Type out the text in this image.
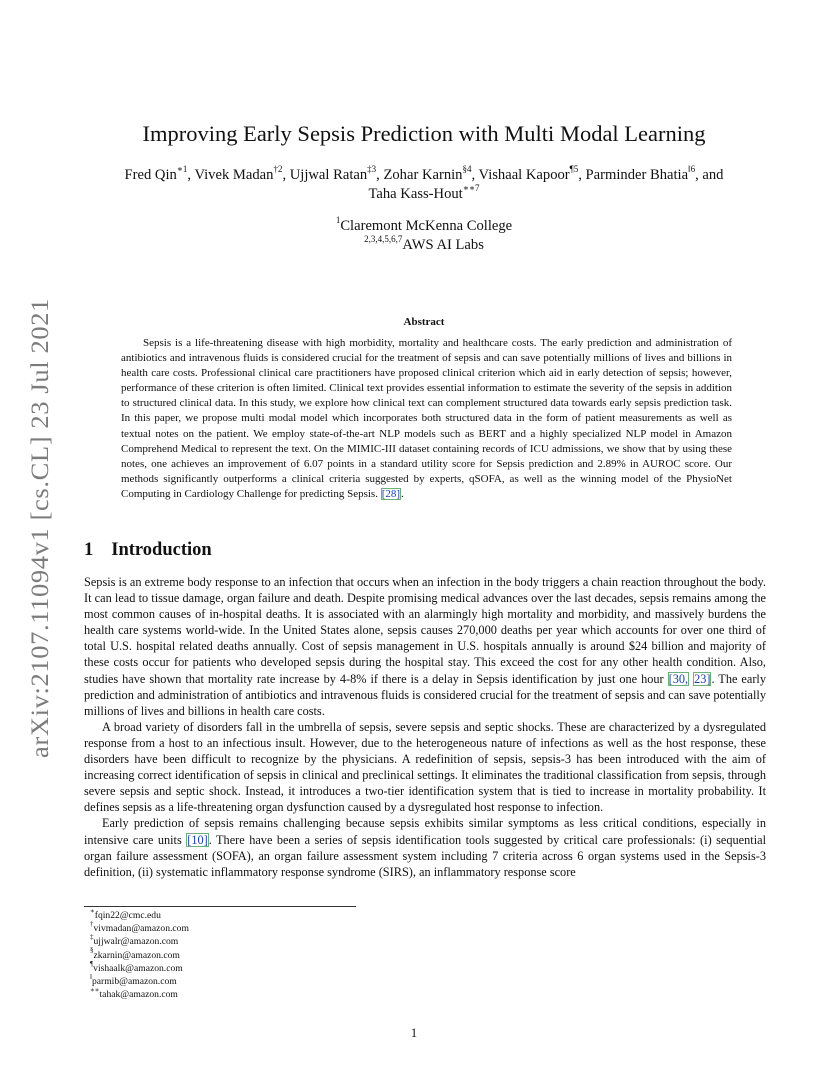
arXiv:2107.11094v1 [cs.CL] 23 Jul 2021
Improving Early Sepsis Prediction with Multi Modal Learning
Fred Qin$^{∗1}$, Vivek Madan$^{\dagger 2}$, Ujjwal Ratan$^{\ddagger 3}$, Zohar Karnin$^{\S 4}$, Vishaal Kapoor$^{\P 5}$, Parminder Bhatia$^{‖6}$, and
Taha Kass-Hout$^{∗∗7}$
$^1$Claremont McKenna College
$^{2,3,4,5,6,7}$AWS AI Labs
Abstract

Sepsis is a life-threatening disease with high morbidity, mortality and healthcare costs. The early prediction and administration of antibiotics and intravenous fluids is considered crucial for the treatment of sepsis and can save potentially millions of lives and billions in health care costs. Professional clinical care practitioners have proposed clinical criterion which aid in early detection of sepsis; however, performance of these criterion is often limited. Clinical text provides essential information to estimate the severity of the sepsis in addition to structured clinical data. In this study, we explore how clinical text can complement structured data towards early sepsis prediction task. In this paper, we propose multi modal model which incorporates both structured data in the form of patient measurements as well as textual notes on the patient. We employ state-of-the-art NLP models such as BERT and a highly specialized NLP model in Amazon Comprehend Medical to represent the text. On the MIMIC-III dataset containing records of ICU admissions, we show that by using these notes, one achieves an improvement of 6.07 points in a standard utility score for Sepsis prediction and 2.89% in AUROC score. Our methods significantly outperforms a clinical criteria suggested by experts, qSOFA, as well as the winning model of the PhysioNet Computing in Cardiology Challenge for predicting Sepsis. [28].

1 Introduction

Sepsis is an extreme body response to an infection that occurs when an infection in the body triggers a chain reaction throughout the body. It can lead to tissue damage, organ failure and death. Despite promising medical advances over the last decades, sepsis remains among the most common causes of in-hospital deaths. It is associated with an alarmingly high mortality and morbidity, and massively burdens the health care systems world-wide. In the United States alone, sepsis causes 270,000 deaths per year which accounts for over one third of total U.S. hospital related deaths annually. Cost of sepsis management in U.S. hospitals annually is around $24 billion and majority of these costs occur for patients who developed sepsis during the hospital stay. This exceed the cost for any other health condition. Also, studies have shown that mortality rate increase by 4-8% if there is a delay in Sepsis identification by just one hour [30, 23]. The early prediction and administration of antibiotics and intravenous fluids is considered crucial for the treatment of sepsis and can save potentially millions of lives and billions in health care costs.

A broad variety of disorders fall in the umbrella of sepsis, severe sepsis and septic shocks. These are characterized by a dysregulated response from a host to an infectious insult. However, due to the heterogeneous nature of infections as well as the host response, these disorders have been difficult to recognize by the physicians. A redefinition of sepsis, sepsis-3 has been introduced with the aim of increasing correct identification of sepsis in clinical and preclinical settings. It eliminates the traditional classification from sepsis, through severe sepsis and septic shock. Instead, it introduces a two-tier identification system that is tied to increase in mortality probability. It defines sepsis as a life-threatening organ dysfunction caused by a dysregulated host response to infection.

Early prediction of sepsis remains challenging because sepsis exhibits similar symptoms as less critical conditions, especially in intensive care units [10]. There have been a series of sepsis identification tools suggested by critical care professionals: (i) sequential organ failure assessment (SOFA), an organ failure assessment system including 7 criteria across 6 organ systems used in the Sepsis-3 definition, (ii) systematic inflammatory response syndrome (SIRS), an inflammatory response score

∗fqin22@cmc.edu
†vivmadan@amazon.com
‡ujjwalr@amazon.com
§zkarnin@amazon.com
¶vishaalk@amazon.com
‖parmib@amazon.com
∗∗tahak@amazon.com
1
